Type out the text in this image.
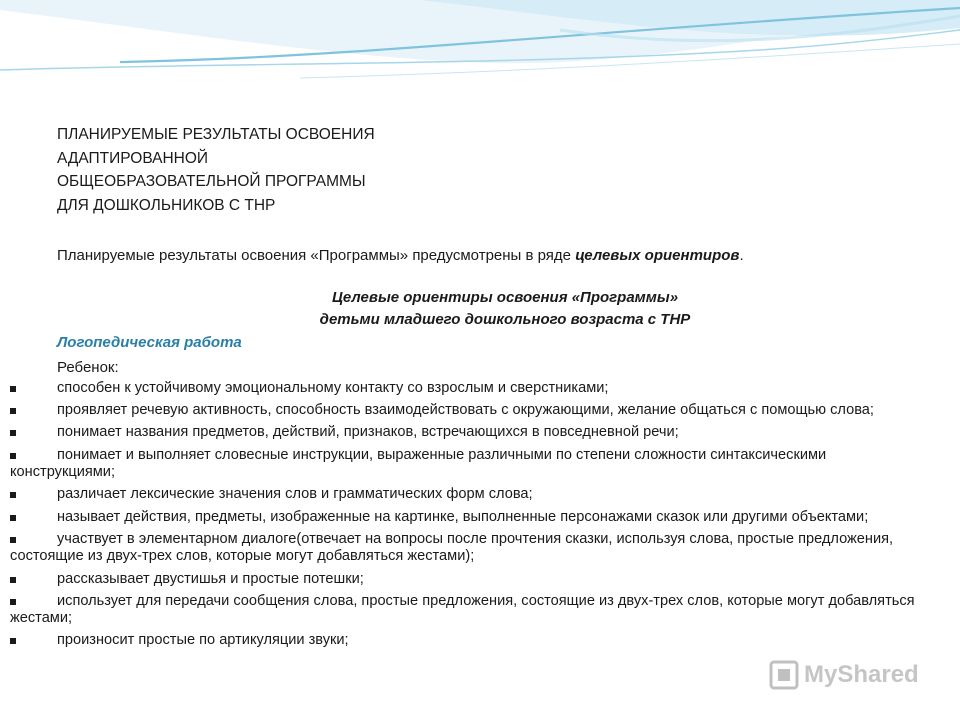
ПЛАНИРУЕМЫЕ РЕЗУЛЬТАТЫ ОСВОЕНИЯ
АДАПТИРОВАННОЙ
ОБЩЕОБРАЗОВАТЕЛЬНОЙ ПРОГРАММЫ
ДЛЯ ДОШКОЛЬНИКОВ С ТНР
Планируемые результаты освоения «Программы» предусмотрены в ряде целевых ориентиров.
Целевые ориентиры освоения «Программы»
детьми младшего дошкольного возраста с ТНР
Логопедическая работа
Ребенок:
способен к устойчивому эмоциональному контакту со взрослым и сверстниками;
проявляет речевую активность, способность взаимодействовать с окружающими, желание общаться с помощью слова;
понимает названия предметов, действий, признаков, встречающихся в повседневной речи;
понимает и выполняет словесные инструкции, выраженные различными по степени сложности синтаксическими конструкциями;
различает лексические значения слов и грамматических форм слова;
называет действия, предметы, изображенные на картинке, выполненные персонажами сказок или другими объектами;
участвует в элементарном диалоге(отвечает на вопросы после прочтения сказки, используя слова, простые предложения, состоящие из двух-трех слов, которые могут добавляться жестами);
рассказывает двустишья и простые потешки;
использует для передачи сообщения слова, простые предложения, состоящие из двух-трех слов, которые могут добавляться жестами;
произносит простые по артикуляции звуки;
MyShared
